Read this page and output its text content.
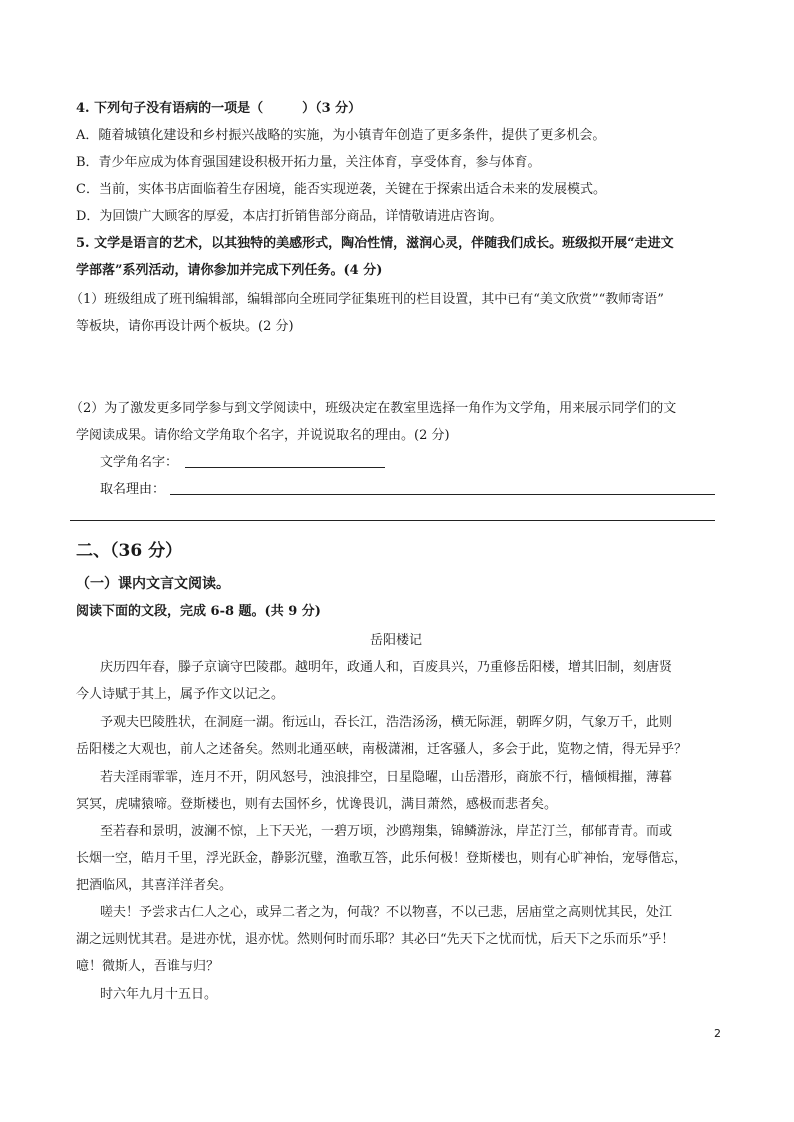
4. 下列句子没有语病的一项是（　　　）（3 分）
A．随着城镇化建设和乡村振兴战略的实施，为小镇青年创造了更多条件，提供了更多机会。
B．青少年应成为体育强国建设积极开拓力量，关注体育，享受体育，参与体育。
C．当前，实体书店面临着生存困境，能否实现逆袭，关键在于探索出适合未来的发展模式。
D．为回馈广大顾客的厚爱，本店打折销售部分商品，详情敬请进店咨询。
5. 文学是语言的艺术，以其独特的美感形式，陶冶性情，滋润心灵，伴随我们成长。班级拟开展“走进文
学部落”系列活动，请你参加并完成下列任务。(4 分)
（1）班级组成了班刊编辑部，编辑部向全班同学征集班刊的栏目设置，其中已有“美文欣赏”“教师寄语”
等板块，请你再设计两个板块。(2 分)
（2）为了激发更多同学参与到文学阅读中，班级决定在教室里选择一角作为文学角，用来展示同学们的文
学阅读成果。请你给文学角取个名字，并说说取名的理由。(2 分)
文学角名字：
取名理由：
二、（36 分）
（一）课内文言文阅读。
阅读下面的文段，完成 6-8 题。(共 9 分)
岳阳楼记
庆历四年春，滕子京谪守巴陵郡。越明年，政通人和，百废具兴，乃重修岳阳楼，增其旧制，刻唐贤
今人诗赋于其上，属予作文以记之。
予观夫巴陵胜状，在洞庭一湖。衔远山，吞长江，浩浩汤汤，横无际涯，朝晖夕阴，气象万千，此则
岳阳楼之大观也，前人之述备矣。然则北通巫峡，南极潇湘，迁客骚人，多会于此，览物之情，得无异乎？
若夫淫雨霏霏，连月不开，阴风怒号，浊浪排空，日星隐曜，山岳潜形，商旅不行，樯倾楫摧，薄暮
冥冥，虎啸猿啼。登斯楼也，则有去国怀乡，忧谗畏讥，满目萧然，感极而悲者矣。
至若春和景明，波澜不惊，上下天光，一碧万顷，沙鸥翔集，锦鳞游泳，岸芷汀兰，郁郁青青。而或
长烟一空，皓月千里，浮光跃金，静影沉璧，渔歌互答，此乐何极！登斯楼也，则有心旷神怡，宠辱偕忘，
把酒临风，其喜洋洋者矣。
嗟夫！予尝求古仁人之心，或异二者之为，何哉？不以物喜，不以己悲，居庙堂之高则忧其民，处江
湖之远则忧其君。是进亦忧，退亦忧。然则何时而乐耶？其必曰“先天下之忧而忧，后天下之乐而乐”乎！
噫！微斯人，吾谁与归？
时六年九月十五日。
2
